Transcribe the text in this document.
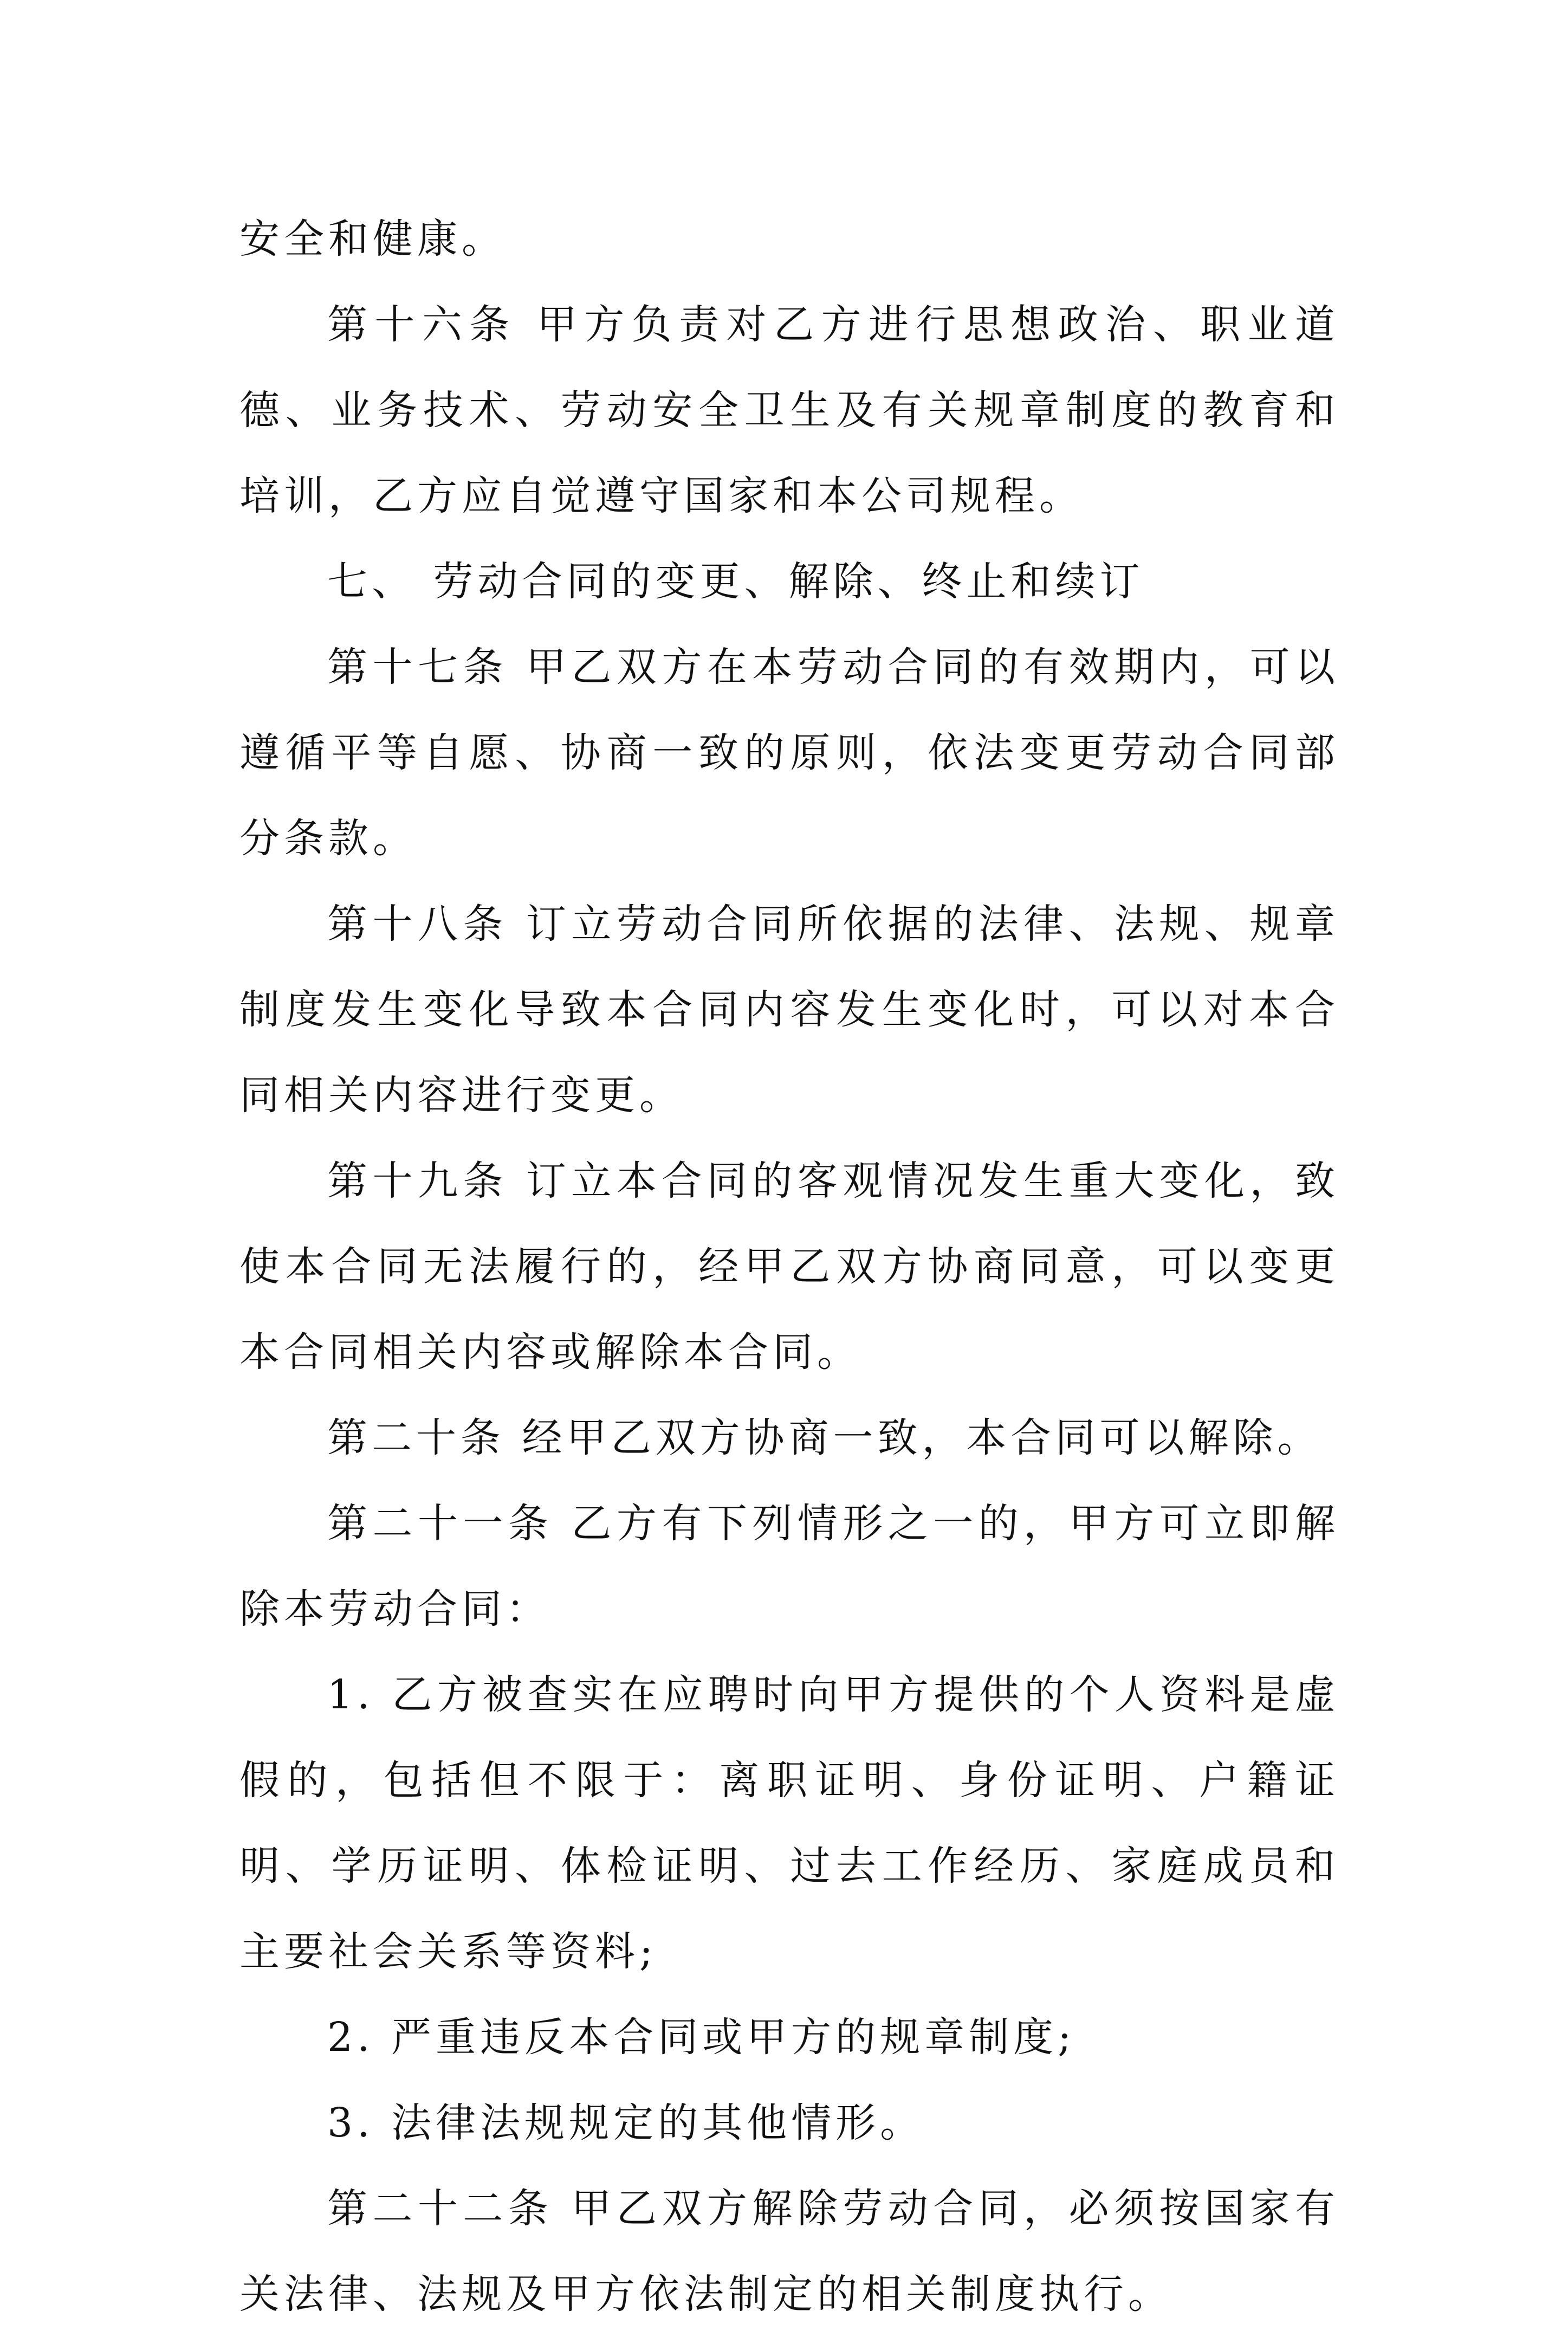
安全和健康。

第十六条 甲方负责对乙方进行思想政治、职业道德、业务技术、劳动安全卫生及有关规章制度的教育和培训，乙方应自觉遵守国家和本公司规程。

七、 劳动合同的变更、解除、终止和续订

第十七条 甲乙双方在本劳动合同的有效期内，可以遵循平等自愿、协商一致的原则，依法变更劳动合同部分条款。

第十八条 订立劳动合同所依据的法律、法规、规章制度发生变化导致本合同内容发生变化时，可以对本合同相关内容进行变更。

第十九条 订立本合同的客观情况发生重大变化，致使本合同无法履行的，经甲乙双方协商同意，可以变更本合同相关内容或解除本合同。

第二十条 经甲乙双方协商一致，本合同可以解除。

第二十一条 乙方有下列情形之一的，甲方可立即解除本劳动合同：

1. 乙方被查实在应聘时向甲方提供的个人资料是虚假的，包括但不限于：离职证明、身份证明、户籍证明、学历证明、体检证明、过去工作经历、家庭成员和主要社会关系等资料;

2. 严重违反本合同或甲方的规章制度;

3. 法律法规规定的其他情形。

第二十二条 甲乙双方解除劳动合同，必须按国家有关法律、法规及甲方依法制定的相关制度执行。
